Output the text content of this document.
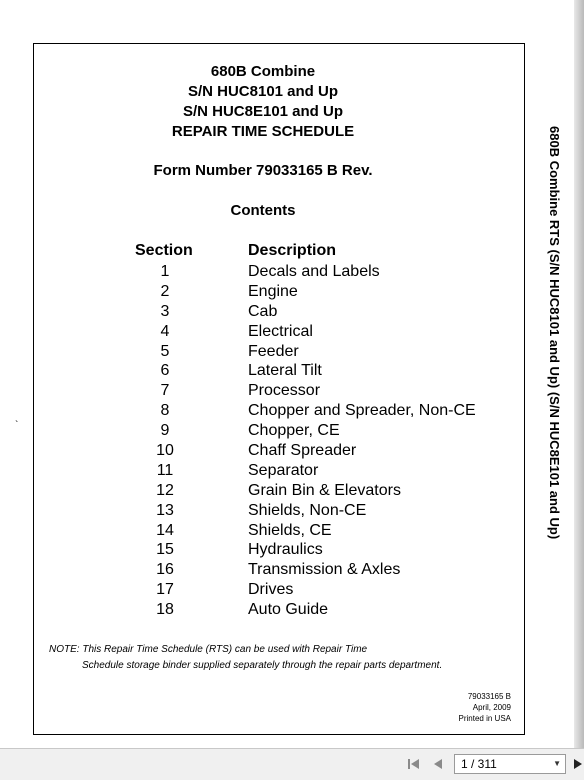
680B Combine
S/N HUC8101 and Up
S/N HUC8E101 and Up
REPAIR TIME SCHEDULE
Form Number 79033165 B Rev.
Contents
Section	Description
1	Decals and Labels
2	Engine
3	Cab
4	Electrical
5	Feeder
6	Lateral Tilt
7	Processor
8	Chopper and Spreader, Non-CE
9	Chopper, CE
10	Chaff Spreader
11	Separator
12	Grain Bin & Elevators
13	Shields, Non-CE
14	Shields, CE
15	Hydraulics
16	Transmission & Axles
17	Drives
18	Auto Guide
NOTE: This Repair Time Schedule (RTS) can be used with Repair Time
Schedule storage binder supplied separately through the repair parts department.
79033165 B
April, 2009
Printed in USA
680B Combine RTS (S/N HUC8101 and Up) (S/N HUC8E101 and Up)
`
1 / 311	▼
